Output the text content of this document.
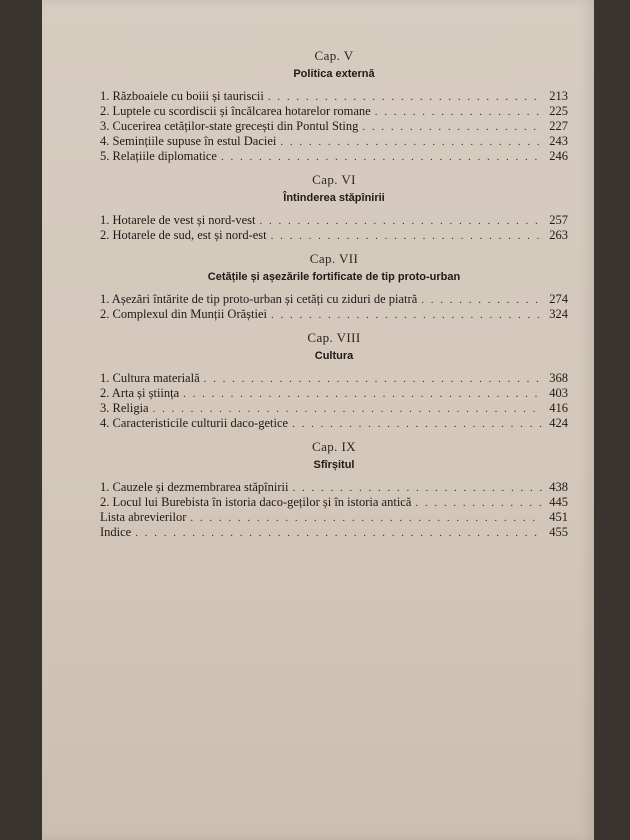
Cap. V
Politica externă
1. Războaiele cu boiii și tauriscii . . .	213
2. Luptele cu scordiscii și încălcarea hotarelor romane . . .	225
3. Cucerirea cetăților-state grecești din Pontul Sting . . .	227
4. Semințiile supuse în estul Daciei . . .	243
5. Relațiile diplomatice . . .	246
Cap. VI
Întinderea stăpînirii
1. Hotarele de vest și nord-vest . . .	257
2. Hotarele de sud, est și nord-est . . .	263
Cap. VII
Cetățile și așezările fortificate de tip proto-urban
1. Așezări întărite de tip proto-urban și cetăți cu ziduri de piatră . . .	274
2. Complexul din Munții Orăștiei . . .	324
Cap. VIII
Cultura
1. Cultura materială . . .	368
2. Arta și știința . . .	403
3. Religia . . .	416
4. Caracteristicile culturii daco-getice . . .	424
Cap. IX
Sfîrșitul
1. Cauzele și dezmembrarea stăpînirii . . .	438
2. Locul lui Burebista în istoria daco-geților și în istoria antică . . .	445
Lista abrevierilor . . .	451
Indice . . .	455
